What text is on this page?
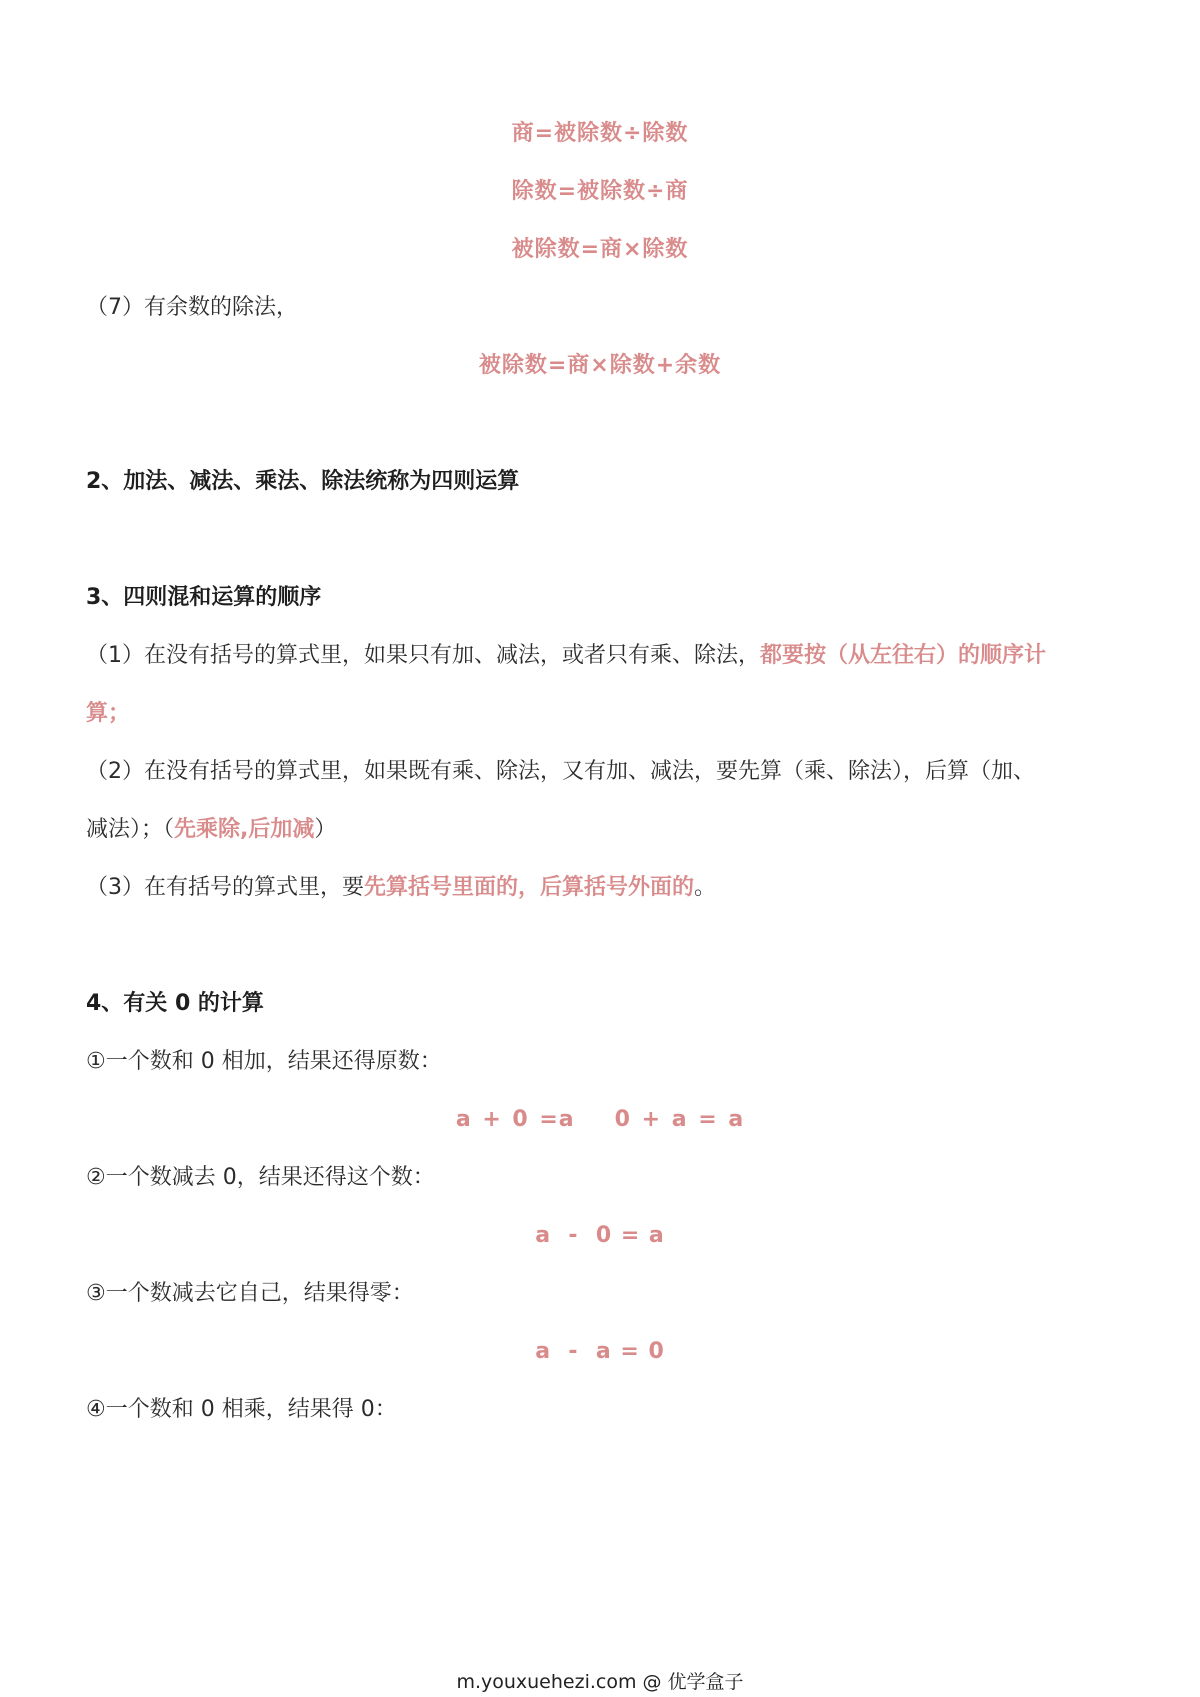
商=被除数÷除数
除数=被除数÷商
被除数=商×除数
（7）有余数的除法，
被除数=商×除数+余数
2、加法、减法、乘法、除法统称为四则运算
3、四则混和运算的顺序
（1）在没有括号的算式里，如果只有加、减法，或者只有乘、除法，都要按（从左往右）的顺序计
算；
（2）在没有括号的算式里，如果既有乘、除法，又有加、减法，要先算（乘、除法），后算（加、
减法）；（先乘除,后加减）
（3）在有括号的算式里，要先算括号里面的，后算括号外面的。
4、有关 0 的计算
①一个数和 0 相加，结果还得原数：
a + 0 =a 0 + a = a
②一个数减去 0，结果还得这个数：
a  -  0 = a
③一个数减去它自己，结果得零：
a  -  a = 0
④一个数和 0 相乘，结果得 0：
m.youxuehezi.com @ 优学盒子
